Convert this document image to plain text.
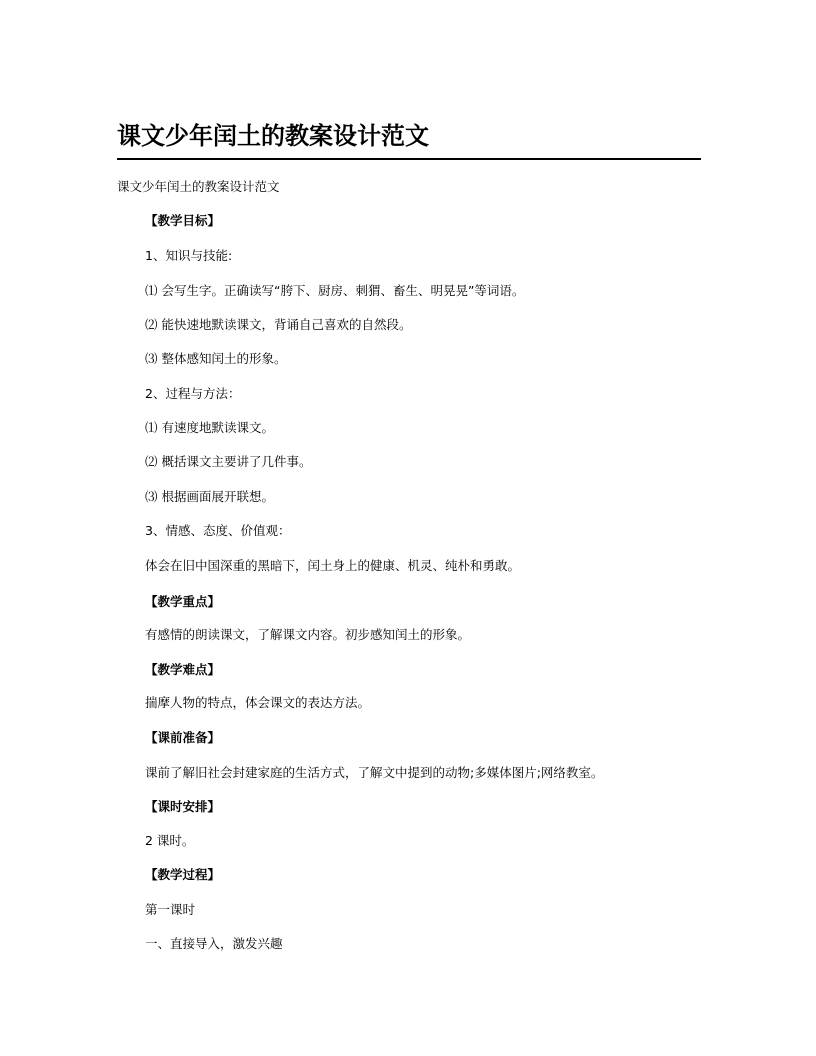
课文少年闰土的教案设计范文
课文少年闰土的教案设计范文
【教学目标】
1、知识与技能:
⑴ 会写生字。正确读写“胯下、厨房、刺猬、畜生、明晃晃”等词语。
⑵ 能快速地默读课文，背诵自己喜欢的自然段。
⑶ 整体感知闰土的形象。
2、过程与方法：
⑴ 有速度地默读课文。
⑵ 概括课文主要讲了几件事。
⑶ 根据画面展开联想。
3、情感、态度、价值观：
体会在旧中国深重的黑暗下，闰土身上的健康、机灵、纯朴和勇敢。
【教学重点】
有感情的朗读课文，了解课文内容。初步感知闰土的形象。
【教学难点】
揣摩人物的特点，体会课文的表达方法。
【课前准备】
课前了解旧社会封建家庭的生活方式，了解文中提到的动物;多媒体图片;网络教室。
【课时安排】
2 课时。
【教学过程】
第一课时
一、直接导入，激发兴趣
